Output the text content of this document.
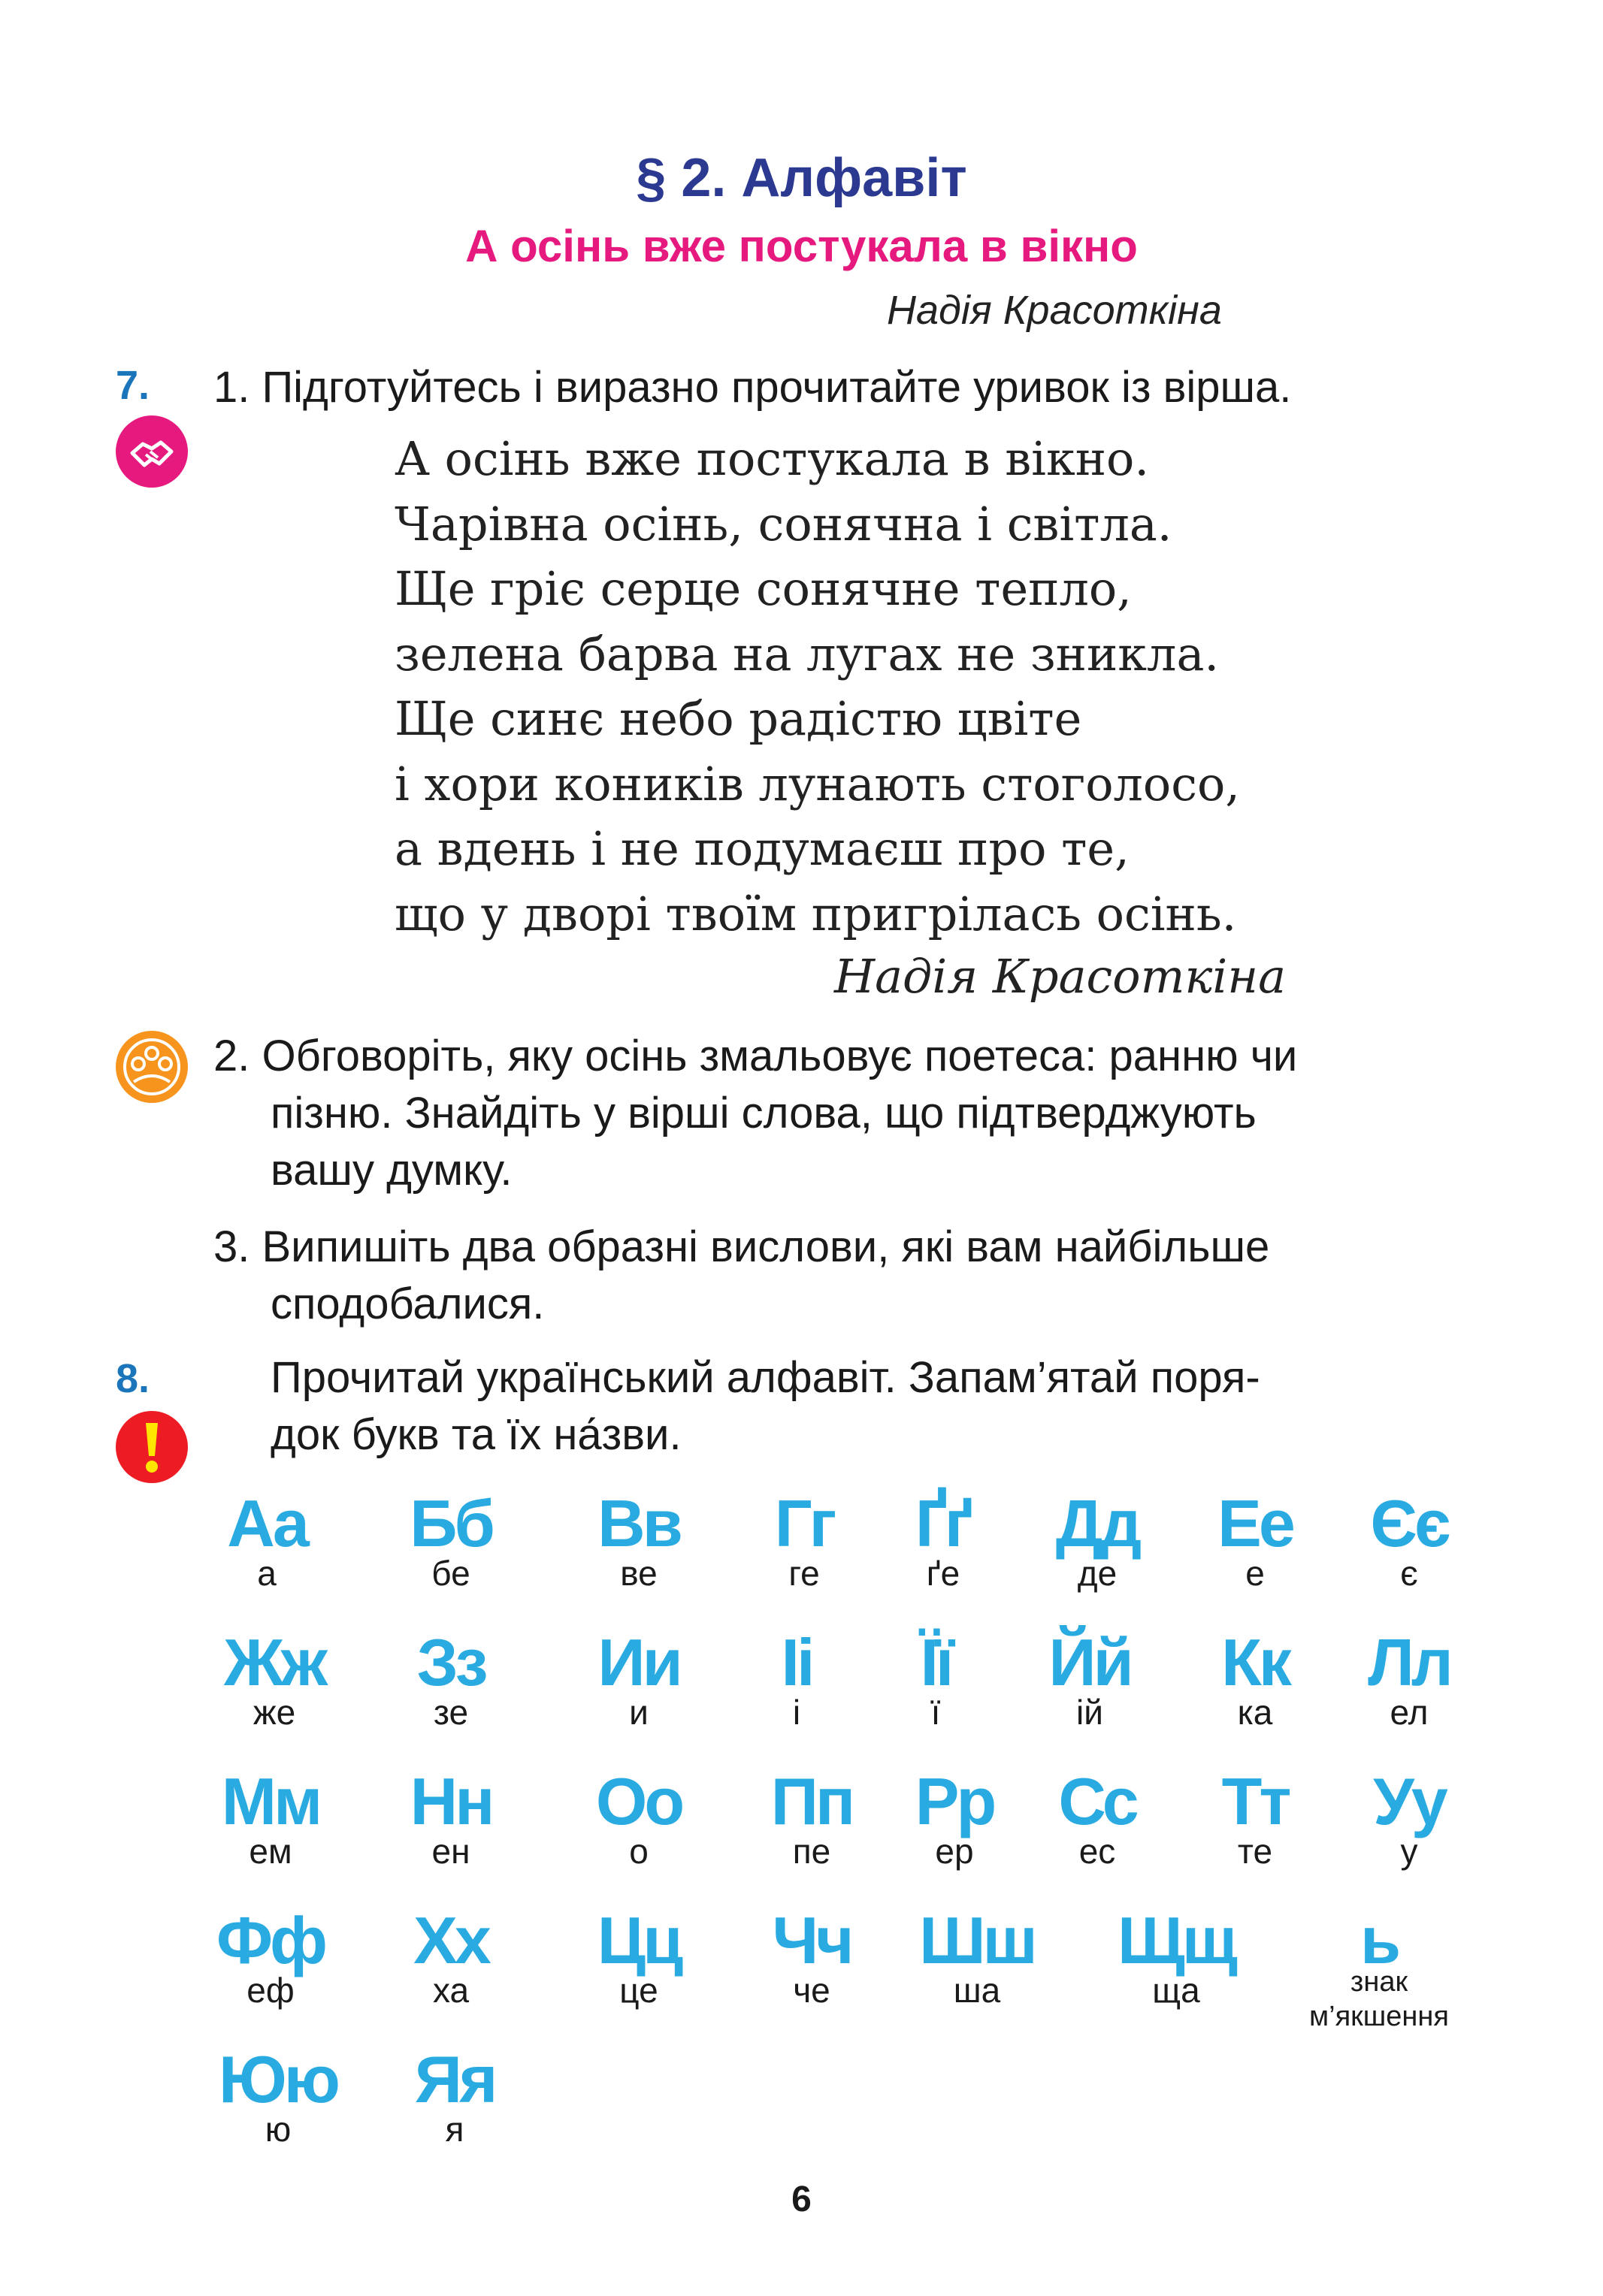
§ 2. Алфавіт
А осінь вже постукала в вікно
Надія Красоткіна
7. 1. Підготуйтесь і виразно прочитайте уривок із вірша.
А осінь вже постукала в вікно.
Чарівна осінь, сонячна і світла.
Ще гріє серце сонячне тепло,
зелена барва на лугах не зникла.
Ще синє небо радістю цвіте
і хори коників лунають стоголосо,
а вдень і не подумаєш про те,
що у дворі твоїм пригрілась осінь.
Надія Красоткіна
2. Обговоріть, яку осінь змальовує поетеса: ранню чи
пізню. Знайдіть у вірші слова, що підтверджують
вашу думку.
3. Випишіть два образні вислови, які вам найбільше
сподобалися.
8.	Прочитай український алфавіт. Запам’ятай поря-
док букв та їх на́зви.
Аа
а
Бб
бе
Вв
ве
Гг
ге
Ґґ
ґе
Дд
де
Ее
е
Єє
є
Жж
же
Зз
зе
Ии
и
Іі
і
Її
ї
Йй
ій
Кк
ка
Лл
ел
Мм
ем
Нн
ен
Оо
о
Пп
пе
Рр
ер
Сс
ес
Тт
те
Уу
у
Фф
еф
Хх
ха
Цц
це
Чч
че
Шш
ша
Щщ
ща
ь
знак
м’якшення
Юю
ю
Яя
я
6
